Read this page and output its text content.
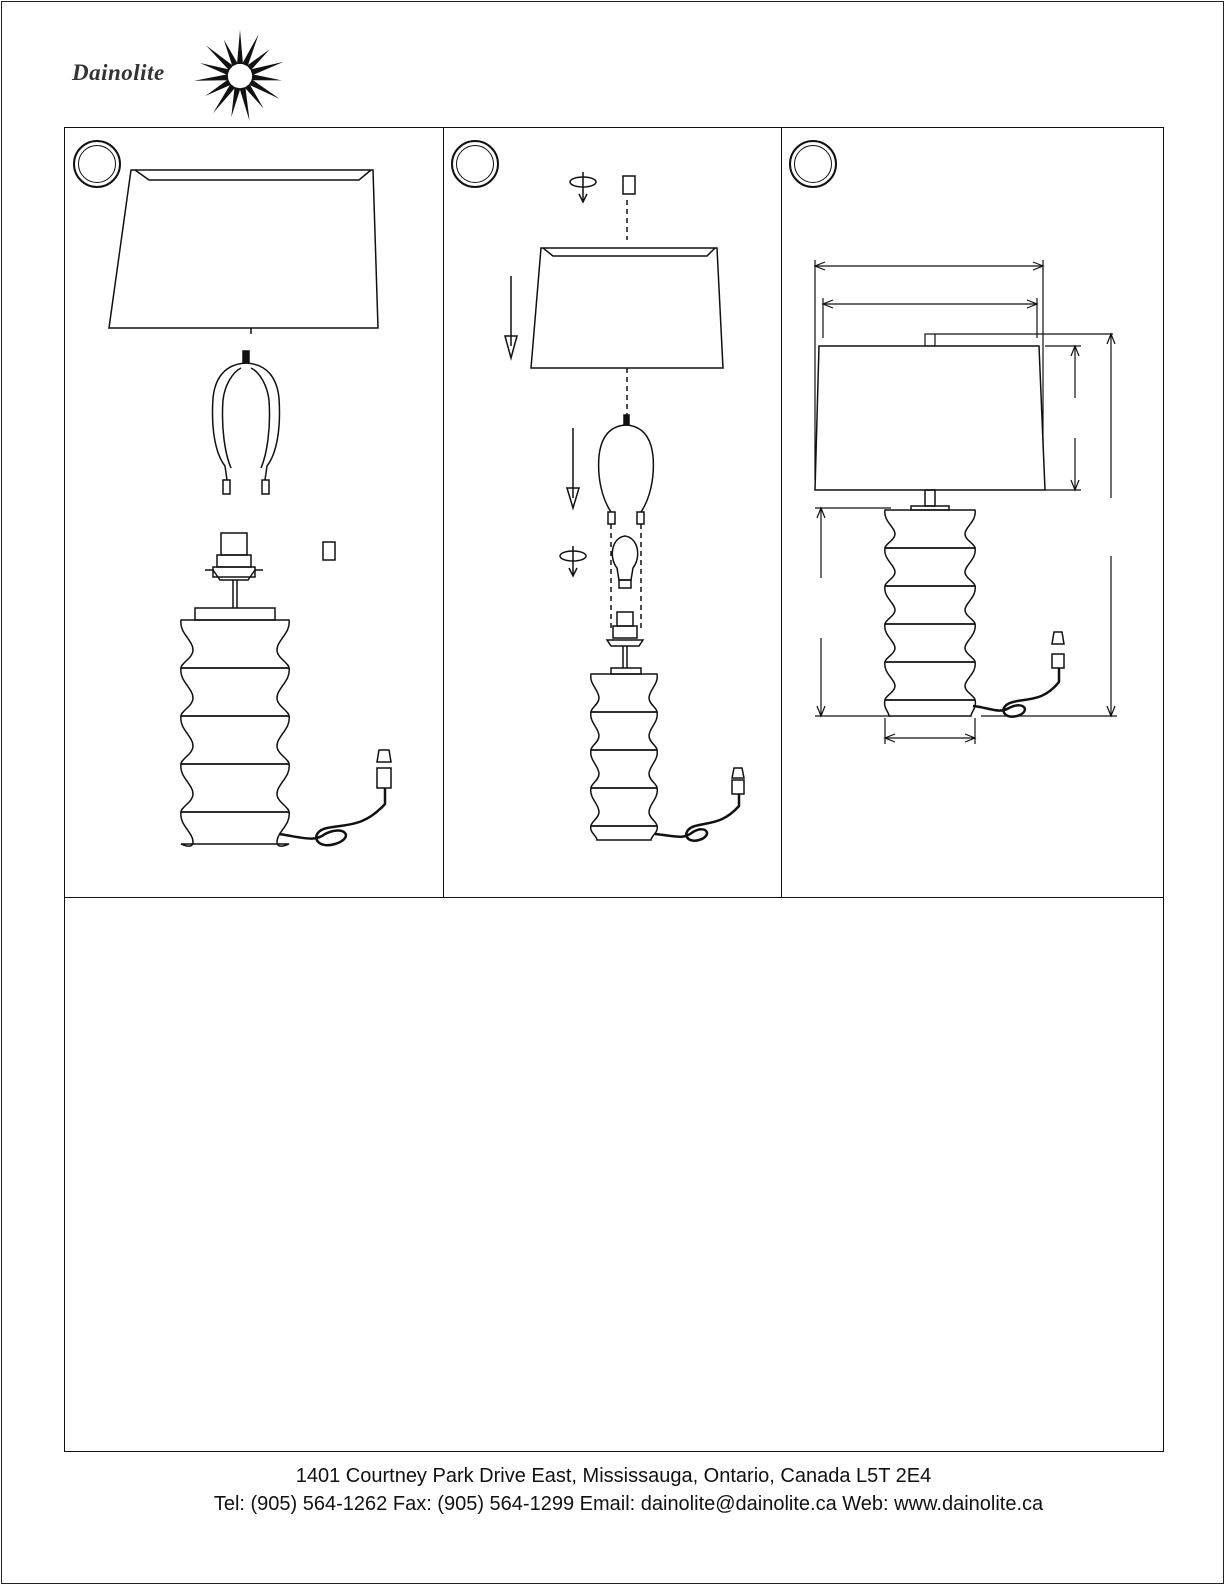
Dainolite
1401 Courtney Park Drive East, Mississauga, Ontario, Canada L5T 2E4
Tel: (905) 564-1262 Fax: (905) 564-1299 Email: dainolite@dainolite.ca Web: www.dainolite.ca
